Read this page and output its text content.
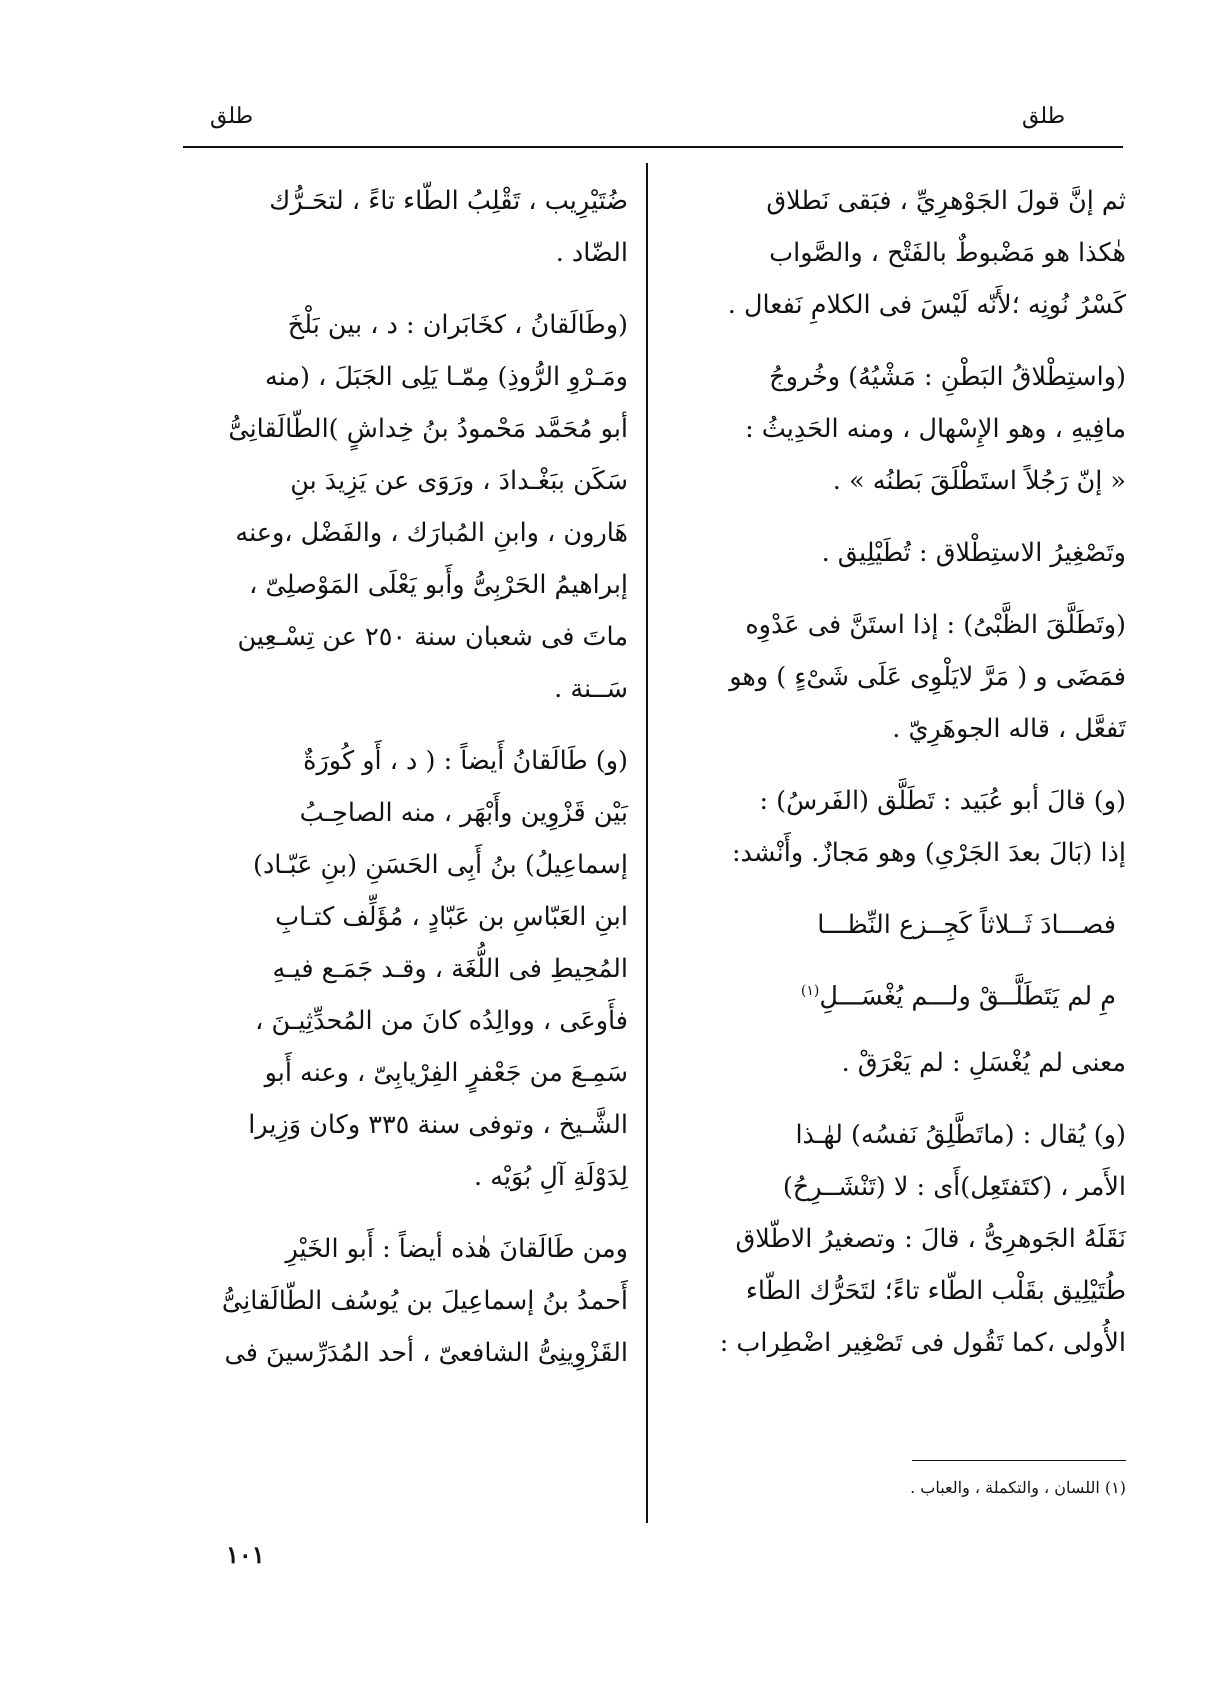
طلق	طلق

ثم إنَّ قولَ الجَوْهرِيِّ ، فبَقى نَطلاق
هٰكذا هو مَضْبوطٌ بالفَتْح ، والصَّواب
كَسْرُ نُونِه ؛لأَنّه لَيْسَ فى الكلامِ نَفعال .

(واستِطْلاقُ البَطْنِ : مَشْيُهُ) وخُروجُ
مافِيهِ ، وهو الإِسْهال ، ومنه الحَدِيثُ :
« إنّ رَجُلاً استَطْلَقَ بَطنُه » .

وتَصْغِيرُ الاستِطْلاق : تُطَيْلِيق .

(وتَطَلَّقَ الظَّبْىُ) : إذا استَنَّ فى عَدْوِه
فمَضَى و ( مَرَّ لايَلْوِى عَلَى شَىْءٍ ) وهو
تَفعَّل ، قاله الجوهَرِيّ .

(و) قالَ أبو عُبَيد : تَطَلَّق (الفَرسُ) :
إذا (بَالَ بعدَ الجَرْىِ) وهو مَجازٌ. وأَنْشد:

فصـــادَ ثَــلاثاً كَجِــزع النِّظـــا
مِ لم يَتَطَلَّــقْ ولـــم يُغْسَـــلِ$^{(١)}$

معنى لم يُغْسَلِ : لم يَعْرَقْ .

(و) يُقال : (ماتَطَّلِقُ نَفسُه) لهٰـذا
الأَمر ، (كتَفتَعِل)أَى : لا (تَنْشَــرِحُ)
نَقَلَهُ الجَوهرِىُّ ، قالَ : وتصغيرُ الاطّلاق
طُتَيْلِيق بقَلْب الطّاء تاءً؛ لتَحَرُّك الطّاء
الأُولى ،كما تَقُول فى تَصْغِير اضْطِراب :

ضُتَيْرِيب ، تَقْلِبُ الطّاء تاءً ، لتحَـرُّك
الضّاد .

(وطَالَقانُ ، كخَابَران : د ، بين بَلْخَ
ومَـرْوِ الرُّوذِ) مِمّـا يَلِى الجَبَلَ ، (منه
أبو مُحَمَّد مَحْمودُ بنُ خِداشٍ )الطّالَقانِىُّ
سَكَن ببَغْـدادَ ، ورَوَى عن يَزِيدَ بنِ
هَارون ، وابنِ المُبارَك ، والفَضْل ،وعنه
إبراهيمُ الحَرْبِىُّ وأَبو يَعْلَى المَوْصلِىّ ،
ماتَ فى شعبان سنة ٢٥٠ عن تِسْـعِين
سَــنة .

(و) طَالَقانُ أَيضاً : ( د ، أَو كُورَةٌ
بَيْن قَزْوِين وأَبْهَر ، منه الصاحِـبُ
إسماعِيلُ) بنُ أَبِى الحَسَنِ (بنِ عَبّـاد)
ابنِ العَبّاسِ بن عَبّادٍ ، مُؤَلِّف كتـابِ
المُحِيطِ فى اللُّغَة ، وقـد جَمَـع فيـهِ
فأَوعَى ، ووالِدُه كانَ من المُحدِّثِيـنَ ،
سَمِـعَ من جَعْفرٍ الفِرْيابِىّ ، وعنه أَبو
الشَّـيخ ، وتوفى سنة ٣٣٥ وكان وَزِيرا
لِدَوْلَةِ آلِ بُوَيْه .

ومن طَالَقانَ هٰذه أيضاً : أَبو الخَيْرِ
أَحمدُ بنُ إسماعِيلَ بن يُوسُف الطّالَقانِىُّ
القَزْوِينِىُّ الشافعىّ ، أحد المُدَرِّسينَ فى

(١) اللسان ، والتكملة ، والعباب .
١٠١
